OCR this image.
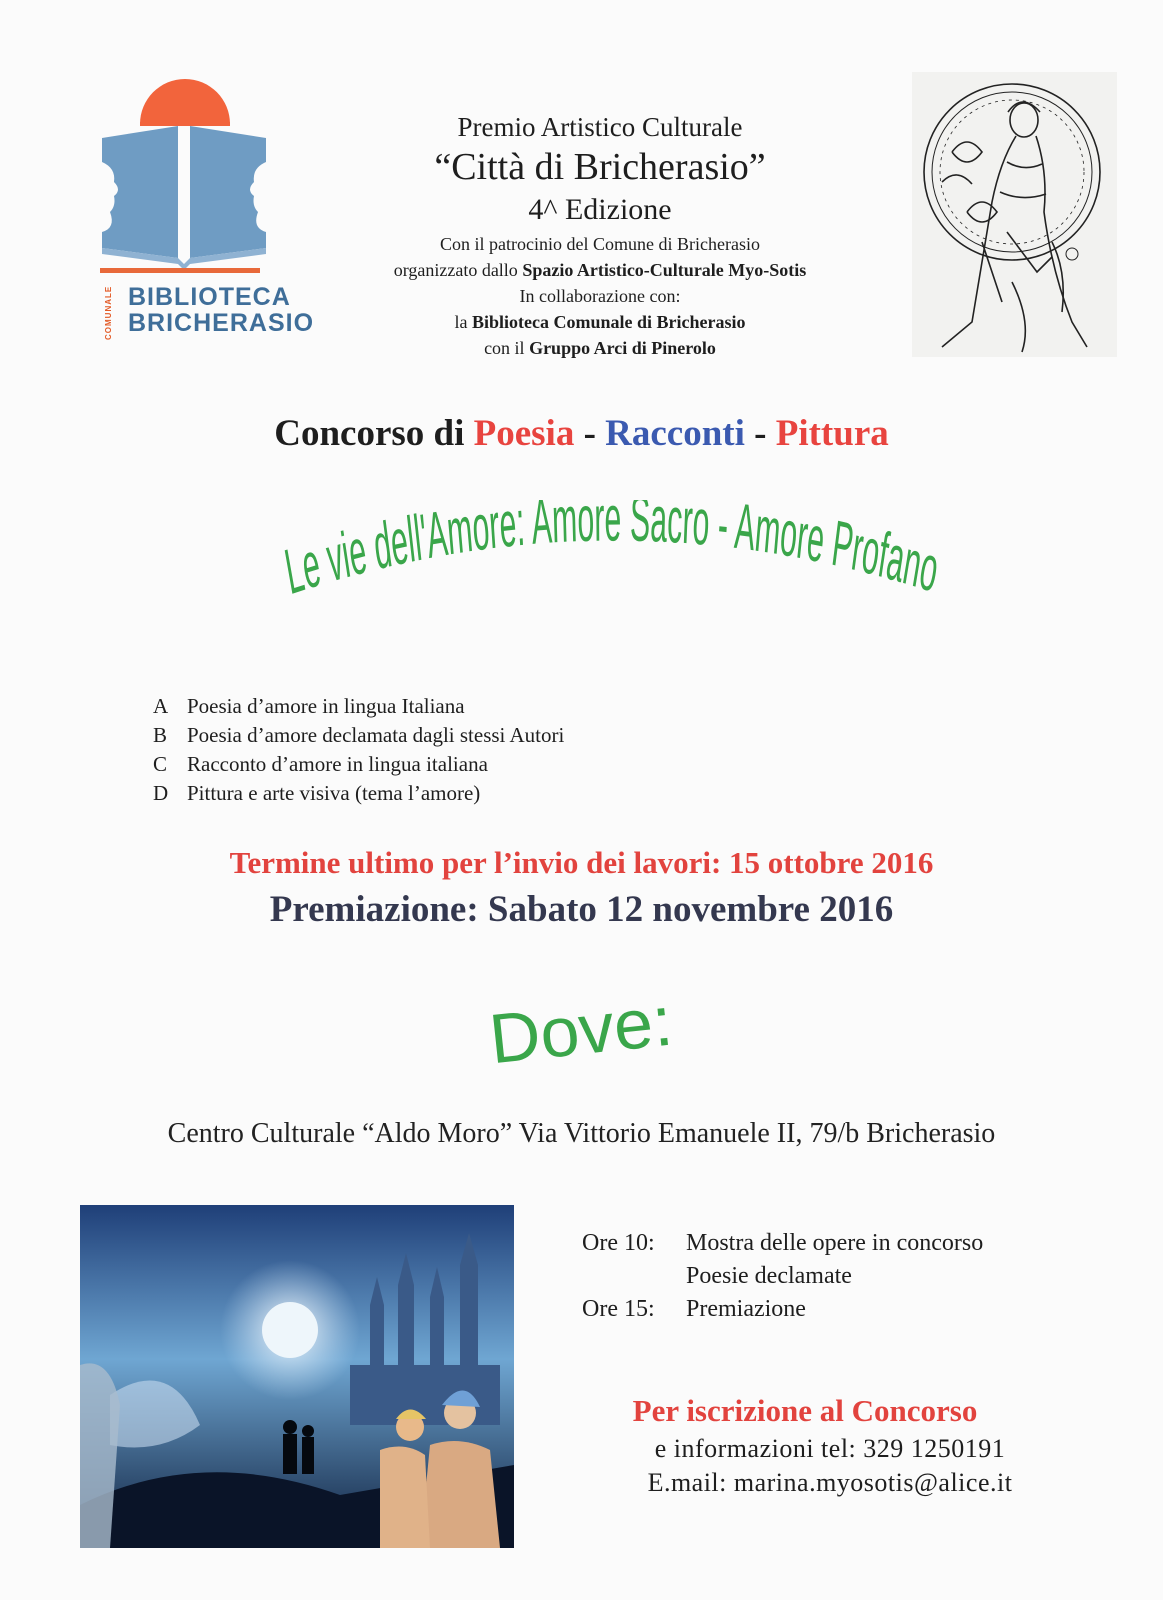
BIBLIOTECA
BRICHERASIO
COMUNALE
Premio Artistico Culturale
“Città di Bricherasio”
4^ Edizione
Con il patrocinio del Comune di Bricherasio
organizzato dallo Spazio Artistico-Culturale Myo-Sotis
In collaborazione con:
la Biblioteca Comunale di Bricherasio
con il Gruppo Arci di Pinerolo
Concorso di Poesia - Racconti - Pittura
Le vie dell'Amore: Amore Sacro - Amore Profano
A Poesia d’amore in lingua Italiana
B Poesia d’amore declamata dagli stessi Autori
C Racconto d’amore in lingua italiana
D Pittura e arte visiva (tema l’amore)
Termine ultimo per l’invio dei lavori: 15 ottobre 2016
Premiazione: Sabato 12 novembre 2016
Dove:
Centro Culturale “Aldo Moro” Via Vittorio Emanuele II, 79/b Bricherasio
Ore 10:	Mostra delle opere in concorso
Poesie declamate
Ore 15:	Premiazione
Per iscrizione al Concorso
e informazioni tel: 329 1250191
E.mail: marina.myosotis@alice.it
